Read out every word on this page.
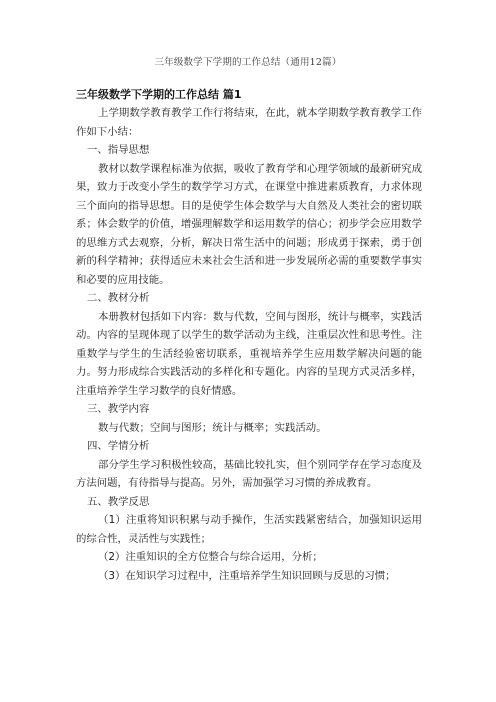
三年级数学下学期的工作总结（通用12篇）

三年级数学下学期的工作总结 篇1

上学期数学教育教学工作行将结束，在此，就本学期数学教育教学工作作如下小结：

一、指导思想

教材以数学课程标准为依据，吸收了教育学和心理学领域的最新研究成果，致力于改变小学生的数学学习方式，在课堂中推进素质教育，力求体现三个面向的指导思想。目的是使学生体会数学与大自然及人类社会的密切联系；体会数学的价值，增强理解数学和运用数学的信心；初步学会应用数学的思维方式去观察，分析，解决日常生活中的问题；形成勇于探索，勇于创新的科学精神；获得适应未来社会生活和进一步发展所必需的重要数学事实和必要的应用技能。

二、教材分析

本册教材包括如下内容：数与代数，空间与图形，统计与概率，实践活动。内容的呈现体现了以学生的数学活动为主线，注重层次性和思考性。注重数学与学生的生活经验密切联系，重视培养学生应用数学解决问题的能力。努力形成综合实践活动的多样化和专题化。内容的呈现方式灵活多样，注重培养学生学习数学的良好情感。

三、教学内容

数与代数；空间与图形；统计与概率；实践活动。

四、学情分析

部分学生学习积极性较高，基础比较扎实，但个别同学存在学习态度及方法问题，有待指导与提高。另外，需加强学习习惯的养成教育。

五、教学反思

（1）注重将知识积累与动手操作，生活实践紧密结合，加强知识运用的综合性，灵活性与实践性；

（2）注重知识的全方位整合与综合运用，分析；

（3）在知识学习过程中，注重培养学生知识回顾与反思的习惯；
